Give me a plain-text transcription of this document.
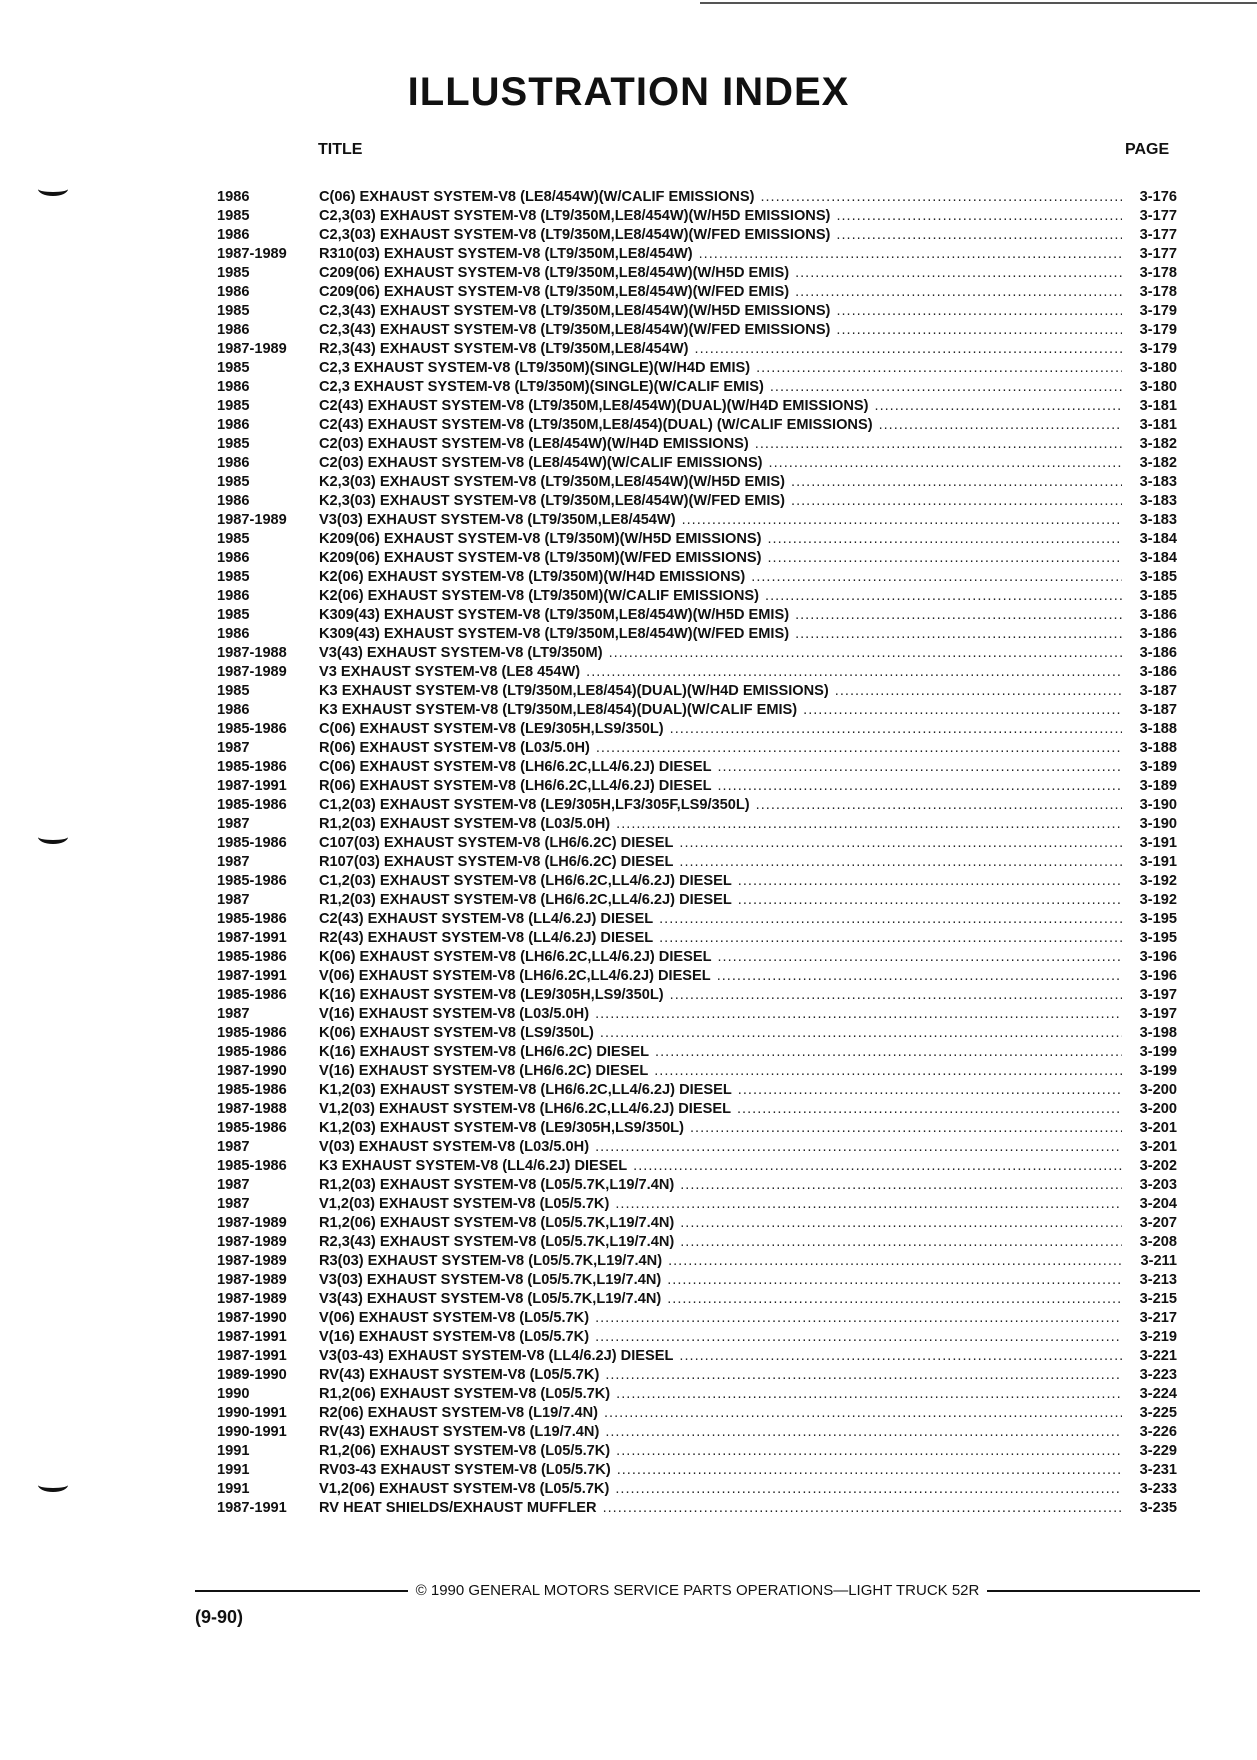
ILLUSTRATION INDEX
TITLE	PAGE
1986	C(06) EXHAUST SYSTEM-V8 (LE8/454W)(W/CALIF EMISSIONS) .....	3-176
1985	C2,3(03) EXHAUST SYSTEM-V8 (LT9/350M,LE8/454W)(W/H5D EMISSIONS) .....	3-177
1986	C2,3(03) EXHAUST SYSTEM-V8 (LT9/350M,LE8/454W)(W/FED EMISSIONS) .....	3-177
1987-1989	R310(03) EXHAUST SYSTEM-V8 (LT9/350M,LE8/454W) .....	3-177
1985	C209(06) EXHAUST SYSTEM-V8 (LT9/350M,LE8/454W)(W/H5D EMIS) .....	3-178
1986	C209(06) EXHAUST SYSTEM-V8 (LT9/350M,LE8/454W)(W/FED EMIS) .....	3-178
1985	C2,3(43) EXHAUST SYSTEM-V8 (LT9/350M,LE8/454W)(W/H5D EMISSIONS) .....	3-179
1986	C2,3(43) EXHAUST SYSTEM-V8 (LT9/350M,LE8/454W)(W/FED EMISSIONS) .....	3-179
1987-1989	R2,3(43) EXHAUST SYSTEM-V8 (LT9/350M,LE8/454W) .....	3-179
1985	C2,3 EXHAUST SYSTEM-V8 (LT9/350M)(SINGLE)(W/H4D EMIS) .....	3-180
1986	C2,3 EXHAUST SYSTEM-V8 (LT9/350M)(SINGLE)(W/CALIF EMIS) .....	3-180
1985	C2(43) EXHAUST SYSTEM-V8 (LT9/350M,LE8/454W)(DUAL)(W/H4D EMISSIONS) .....	3-181
1986	C2(43) EXHAUST SYSTEM-V8 (LT9/350M,LE8/454)(DUAL) (W/CALIF EMISSIONS) .....	3-181
1985	C2(03) EXHAUST SYSTEM-V8 (LE8/454W)(W/H4D EMISSIONS) .....	3-182
1986	C2(03) EXHAUST SYSTEM-V8 (LE8/454W)(W/CALIF EMISSIONS) .....	3-182
1985	K2,3(03) EXHAUST SYSTEM-V8 (LT9/350M,LE8/454W)(W/H5D EMIS) .....	3-183
1986	K2,3(03) EXHAUST SYSTEM-V8 (LT9/350M,LE8/454W)(W/FED EMIS) .....	3-183
1987-1989	V3(03) EXHAUST SYSTEM-V8 (LT9/350M,LE8/454W) .....	3-183
1985	K209(06) EXHAUST SYSTEM-V8 (LT9/350M)(W/H5D EMISSIONS) .....	3-184
1986	K209(06) EXHAUST SYSTEM-V8 (LT9/350M)(W/FED EMISSIONS) .....	3-184
1985	K2(06) EXHAUST SYSTEM-V8 (LT9/350M)(W/H4D EMISSIONS) .....	3-185
1986	K2(06) EXHAUST SYSTEM-V8 (LT9/350M)(W/CALIF EMISSIONS) .....	3-185
1985	K309(43) EXHAUST SYSTEM-V8 (LT9/350M,LE8/454W)(W/H5D EMIS) .....	3-186
1986	K309(43) EXHAUST SYSTEM-V8 (LT9/350M,LE8/454W)(W/FED EMIS) .....	3-186
1987-1988	V3(43) EXHAUST SYSTEM-V8 (LT9/350M) .....	3-186
1987-1989	V3 EXHAUST SYSTEM-V8 (LE8 454W) .....	3-186
1985	K3 EXHAUST SYSTEM-V8 (LT9/350M,LE8/454)(DUAL)(W/H4D EMISSIONS) .....	3-187
1986	K3 EXHAUST SYSTEM-V8 (LT9/350M,LE8/454)(DUAL)(W/CALIF EMIS) .....	3-187
1985-1986	C(06) EXHAUST SYSTEM-V8 (LE9/305H,LS9/350L) .....	3-188
1987	R(06) EXHAUST SYSTEM-V8 (L03/5.0H) .....	3-188
1985-1986	C(06) EXHAUST SYSTEM-V8 (LH6/6.2C,LL4/6.2J) DIESEL .....	3-189
1987-1991	R(06) EXHAUST SYSTEM-V8 (LH6/6.2C,LL4/6.2J) DIESEL .....	3-189
1985-1986	C1,2(03) EXHAUST SYSTEM-V8 (LE9/305H,LF3/305F,LS9/350L) .....	3-190
1987	R1,2(03) EXHAUST SYSTEM-V8 (L03/5.0H) .....	3-190
1985-1986	C107(03) EXHAUST SYSTEM-V8 (LH6/6.2C) DIESEL .....	3-191
1987	R107(03) EXHAUST SYSTEM-V8 (LH6/6.2C) DIESEL .....	3-191
1985-1986	C1,2(03) EXHAUST SYSTEM-V8 (LH6/6.2C,LL4/6.2J) DIESEL .....	3-192
1987	R1,2(03) EXHAUST SYSTEM-V8 (LH6/6.2C,LL4/6.2J) DIESEL .....	3-192
1985-1986	C2(43) EXHAUST SYSTEM-V8 (LL4/6.2J) DIESEL .....	3-195
1987-1991	R2(43) EXHAUST SYSTEM-V8 (LL4/6.2J) DIESEL .....	3-195
1985-1986	K(06) EXHAUST SYSTEM-V8 (LH6/6.2C,LL4/6.2J) DIESEL .....	3-196
1987-1991	V(06) EXHAUST SYSTEM-V8 (LH6/6.2C,LL4/6.2J) DIESEL .....	3-196
1985-1986	K(16) EXHAUST SYSTEM-V8 (LE9/305H,LS9/350L) .....	3-197
1987	V(16) EXHAUST SYSTEM-V8 (L03/5.0H) .....	3-197
1985-1986	K(06) EXHAUST SYSTEM-V8 (LS9/350L) .....	3-198
1985-1986	K(16) EXHAUST SYSTEM-V8 (LH6/6.2C) DIESEL .....	3-199
1987-1990	V(16) EXHAUST SYSTEM-V8 (LH6/6.2C) DIESEL .....	3-199
1985-1986	K1,2(03) EXHAUST SYSTEM-V8 (LH6/6.2C,LL4/6.2J) DIESEL .....	3-200
1987-1988	V1,2(03) EXHAUST SYSTEM-V8 (LH6/6.2C,LL4/6.2J) DIESEL .....	3-200
1985-1986	K1,2(03) EXHAUST SYSTEM-V8 (LE9/305H,LS9/350L) .....	3-201
1987	V(03) EXHAUST SYSTEM-V8 (L03/5.0H) .....	3-201
1985-1986	K3 EXHAUST SYSTEM-V8 (LL4/6.2J) DIESEL .....	3-202
1987	R1,2(03) EXHAUST SYSTEM-V8 (L05/5.7K,L19/7.4N) .....	3-203
1987	V1,2(03) EXHAUST SYSTEM-V8 (L05/5.7K) .....	3-204
1987-1989	R1,2(06) EXHAUST SYSTEM-V8 (L05/5.7K,L19/7.4N) .....	3-207
1987-1989	R2,3(43) EXHAUST SYSTEM-V8 (L05/5.7K,L19/7.4N) .....	3-208
1987-1989	R3(03) EXHAUST SYSTEM-V8 (L05/5.7K,L19/7.4N) .....	3-211
1987-1989	V3(03) EXHAUST SYSTEM-V8 (L05/5.7K,L19/7.4N) .....	3-213
1987-1989	V3(43) EXHAUST SYSTEM-V8 (L05/5.7K,L19/7.4N) .....	3-215
1987-1990	V(06) EXHAUST SYSTEM-V8 (L05/5.7K) .....	3-217
1987-1991	V(16) EXHAUST SYSTEM-V8 (L05/5.7K) .....	3-219
1987-1991	V3(03-43) EXHAUST SYSTEM-V8 (LL4/6.2J) DIESEL .....	3-221
1989-1990	RV(43) EXHAUST SYSTEM-V8 (L05/5.7K) .....	3-223
1990	R1,2(06) EXHAUST SYSTEM-V8 (L05/5.7K) .....	3-224
1990-1991	R2(06) EXHAUST SYSTEM-V8 (L19/7.4N) .....	3-225
1990-1991	RV(43) EXHAUST SYSTEM-V8 (L19/7.4N) .....	3-226
1991	R1,2(06) EXHAUST SYSTEM-V8 (L05/5.7K) .....	3-229
1991	RV03-43 EXHAUST SYSTEM-V8 (L05/5.7K) .....	3-231
1991	V1,2(06) EXHAUST SYSTEM-V8 (L05/5.7K) .....	3-233
1987-1991	RV HEAT SHIELDS/EXHAUST MUFFLER .....	3-235
© 1990 GENERAL MOTORS SERVICE PARTS OPERATIONS—LIGHT TRUCK 52R
(9-90)
